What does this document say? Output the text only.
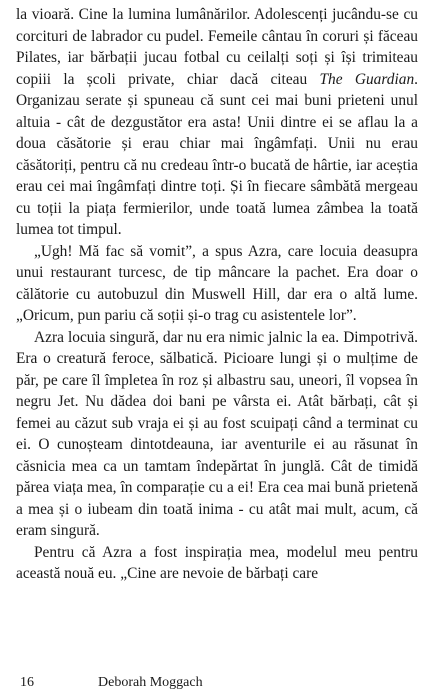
la vioară. Cine la lumina lumânărilor. Adolescenți jucându-se cu corcituri de labrador cu pudel. Femeile cântau în coruri și făceau Pilates, iar bărbații jucau fotbal cu ceilalți soți și își trimiteau copiii la școli private, chiar dacă citeau The Guardian. Organizau serate și spuneau că sunt cei mai buni prieteni unul altuia - cât de dezgustător era asta! Unii dintre ei se aflau la a doua căsătorie și erau chiar mai îngâmfați. Unii nu erau căsătoriți, pentru că nu credeau într-o bucată de hârtie, iar aceștia erau cei mai îngâmfați dintre toți. Și în fiecare sâmbătă mergeau cu toții la piața fermierilor, unde toată lumea zâmbea la toată lumea tot timpul.

„Ugh! Mă fac să vomit”, a spus Azra, care locuia deasupra unui restaurant turcesc, de tip mâncare la pachet. Era doar o călătorie cu autobuzul din Muswell Hill, dar era o altă lume. „Oricum, pun pariu că soții și-o trag cu asistentele lor”.

Azra locuia singură, dar nu era nimic jalnic la ea. Dimpotrivă. Era o creatură feroce, sălbatică. Picioare lungi și o mulțime de păr, pe care îl împletea în roz și albastru sau, uneori, îl vopsea în negru Jet. Nu dădea doi bani pe vârsta ei. Atât bărbați, cât și femei au căzut sub vraja ei și au fost scuipați când a terminat cu ei. O cunoșteam dintotdeauna, iar aventurile ei au răsunat în căsnicia mea ca un tamtam îndepărtat în junglă. Cât de timidă părea viața mea, în comparație cu a ei! Era cea mai bună prietenă a mea și o iubeam din toată inima - cu atât mai mult, acum, că eram singură.

Pentru că Azra a fost inspirația mea, modelul meu pentru această nouă eu. „Cine are nevoie de bărbați care

16	Deborah Moggach
